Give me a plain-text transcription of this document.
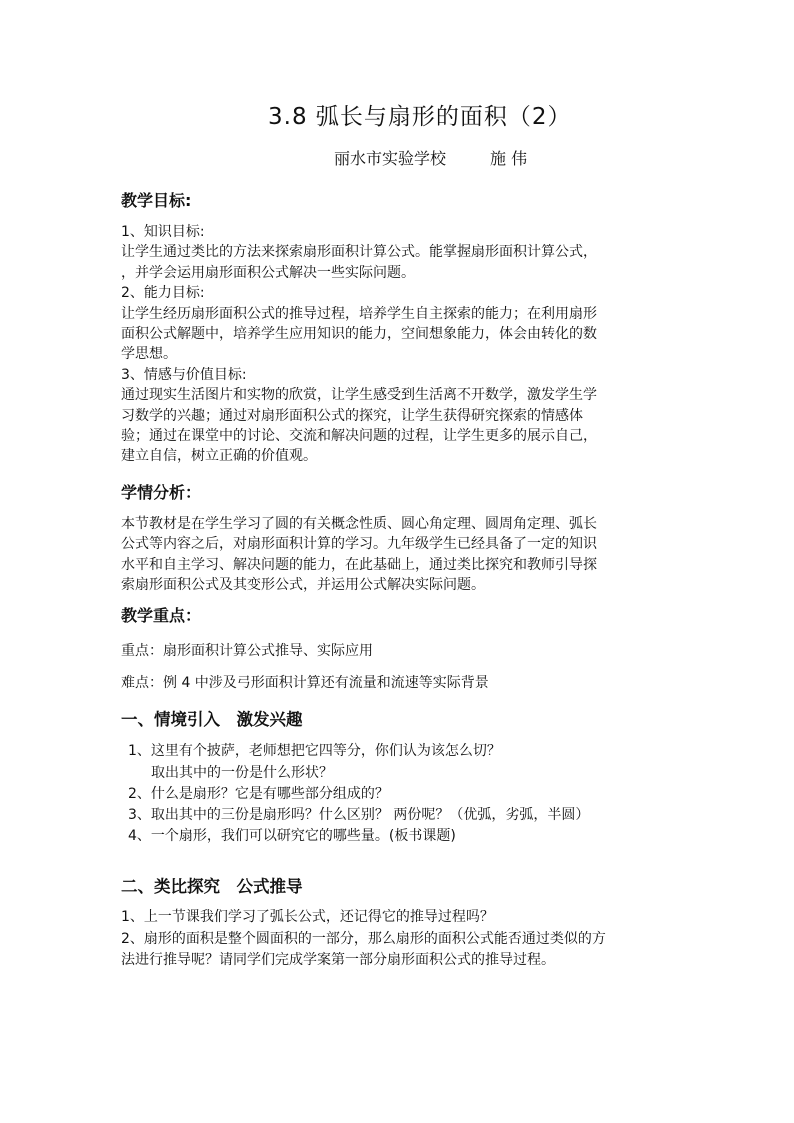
3.8 弧长与扇形的面积（2）
丽水市实验学校	施 伟
教学目标:
1、知识目标:
让学生通过类比的方法来探索扇形面积计算公式。能掌握扇形面积计算公式，
，并学会运用扇形面积公式解决一些实际问题。
2、能力目标:
让学生经历扇形面积公式的推导过程，培养学生自主探索的能力；在利用扇形
面积公式解题中，培养学生应用知识的能力，空间想象能力，体会由转化的数
学思想。
3、情感与价值目标:
通过现实生活图片和实物的欣赏，让学生感受到生活离不开数学，激发学生学
习数学的兴趣；通过对扇形面积公式的探究，让学生获得研究探索的情感体
验；通过在课堂中的讨论、交流和解决问题的过程，让学生更多的展示自己，
建立自信，树立正确的价值观。
学情分析：
本节教材是在学生学习了圆的有关概念性质、圆心角定理、圆周角定理、弧长
公式等内容之后，对扇形面积计算的学习。九年级学生已经具备了一定的知识
水平和自主学习、解决问题的能力，在此基础上，通过类比探究和教师引导探
索扇形面积公式及其变形公式，并运用公式解决实际问题。
教学重点：
重点：扇形面积计算公式推导、实际应用
难点：例 4 中涉及弓形面积计算还有流量和流速等实际背景
一、情境引入　激发兴趣
1、这里有个披萨，老师想把它四等分，你们认为该怎么切？
取出其中的一份是什么形状？
2、什么是扇形？它是有哪些部分组成的？
3、取出其中的三份是扇形吗？什么区别？ 两份呢？（优弧，劣弧，半圆）
4、一个扇形，我们可以研究它的哪些量。(板书课题)
二、类比探究　公式推导
1、上一节课我们学习了弧长公式，还记得它的推导过程吗？
2、扇形的面积是整个圆面积的一部分，那么扇形的面积公式能否通过类似的方
法进行推导呢？请同学们完成学案第一部分扇形面积公式的推导过程。
